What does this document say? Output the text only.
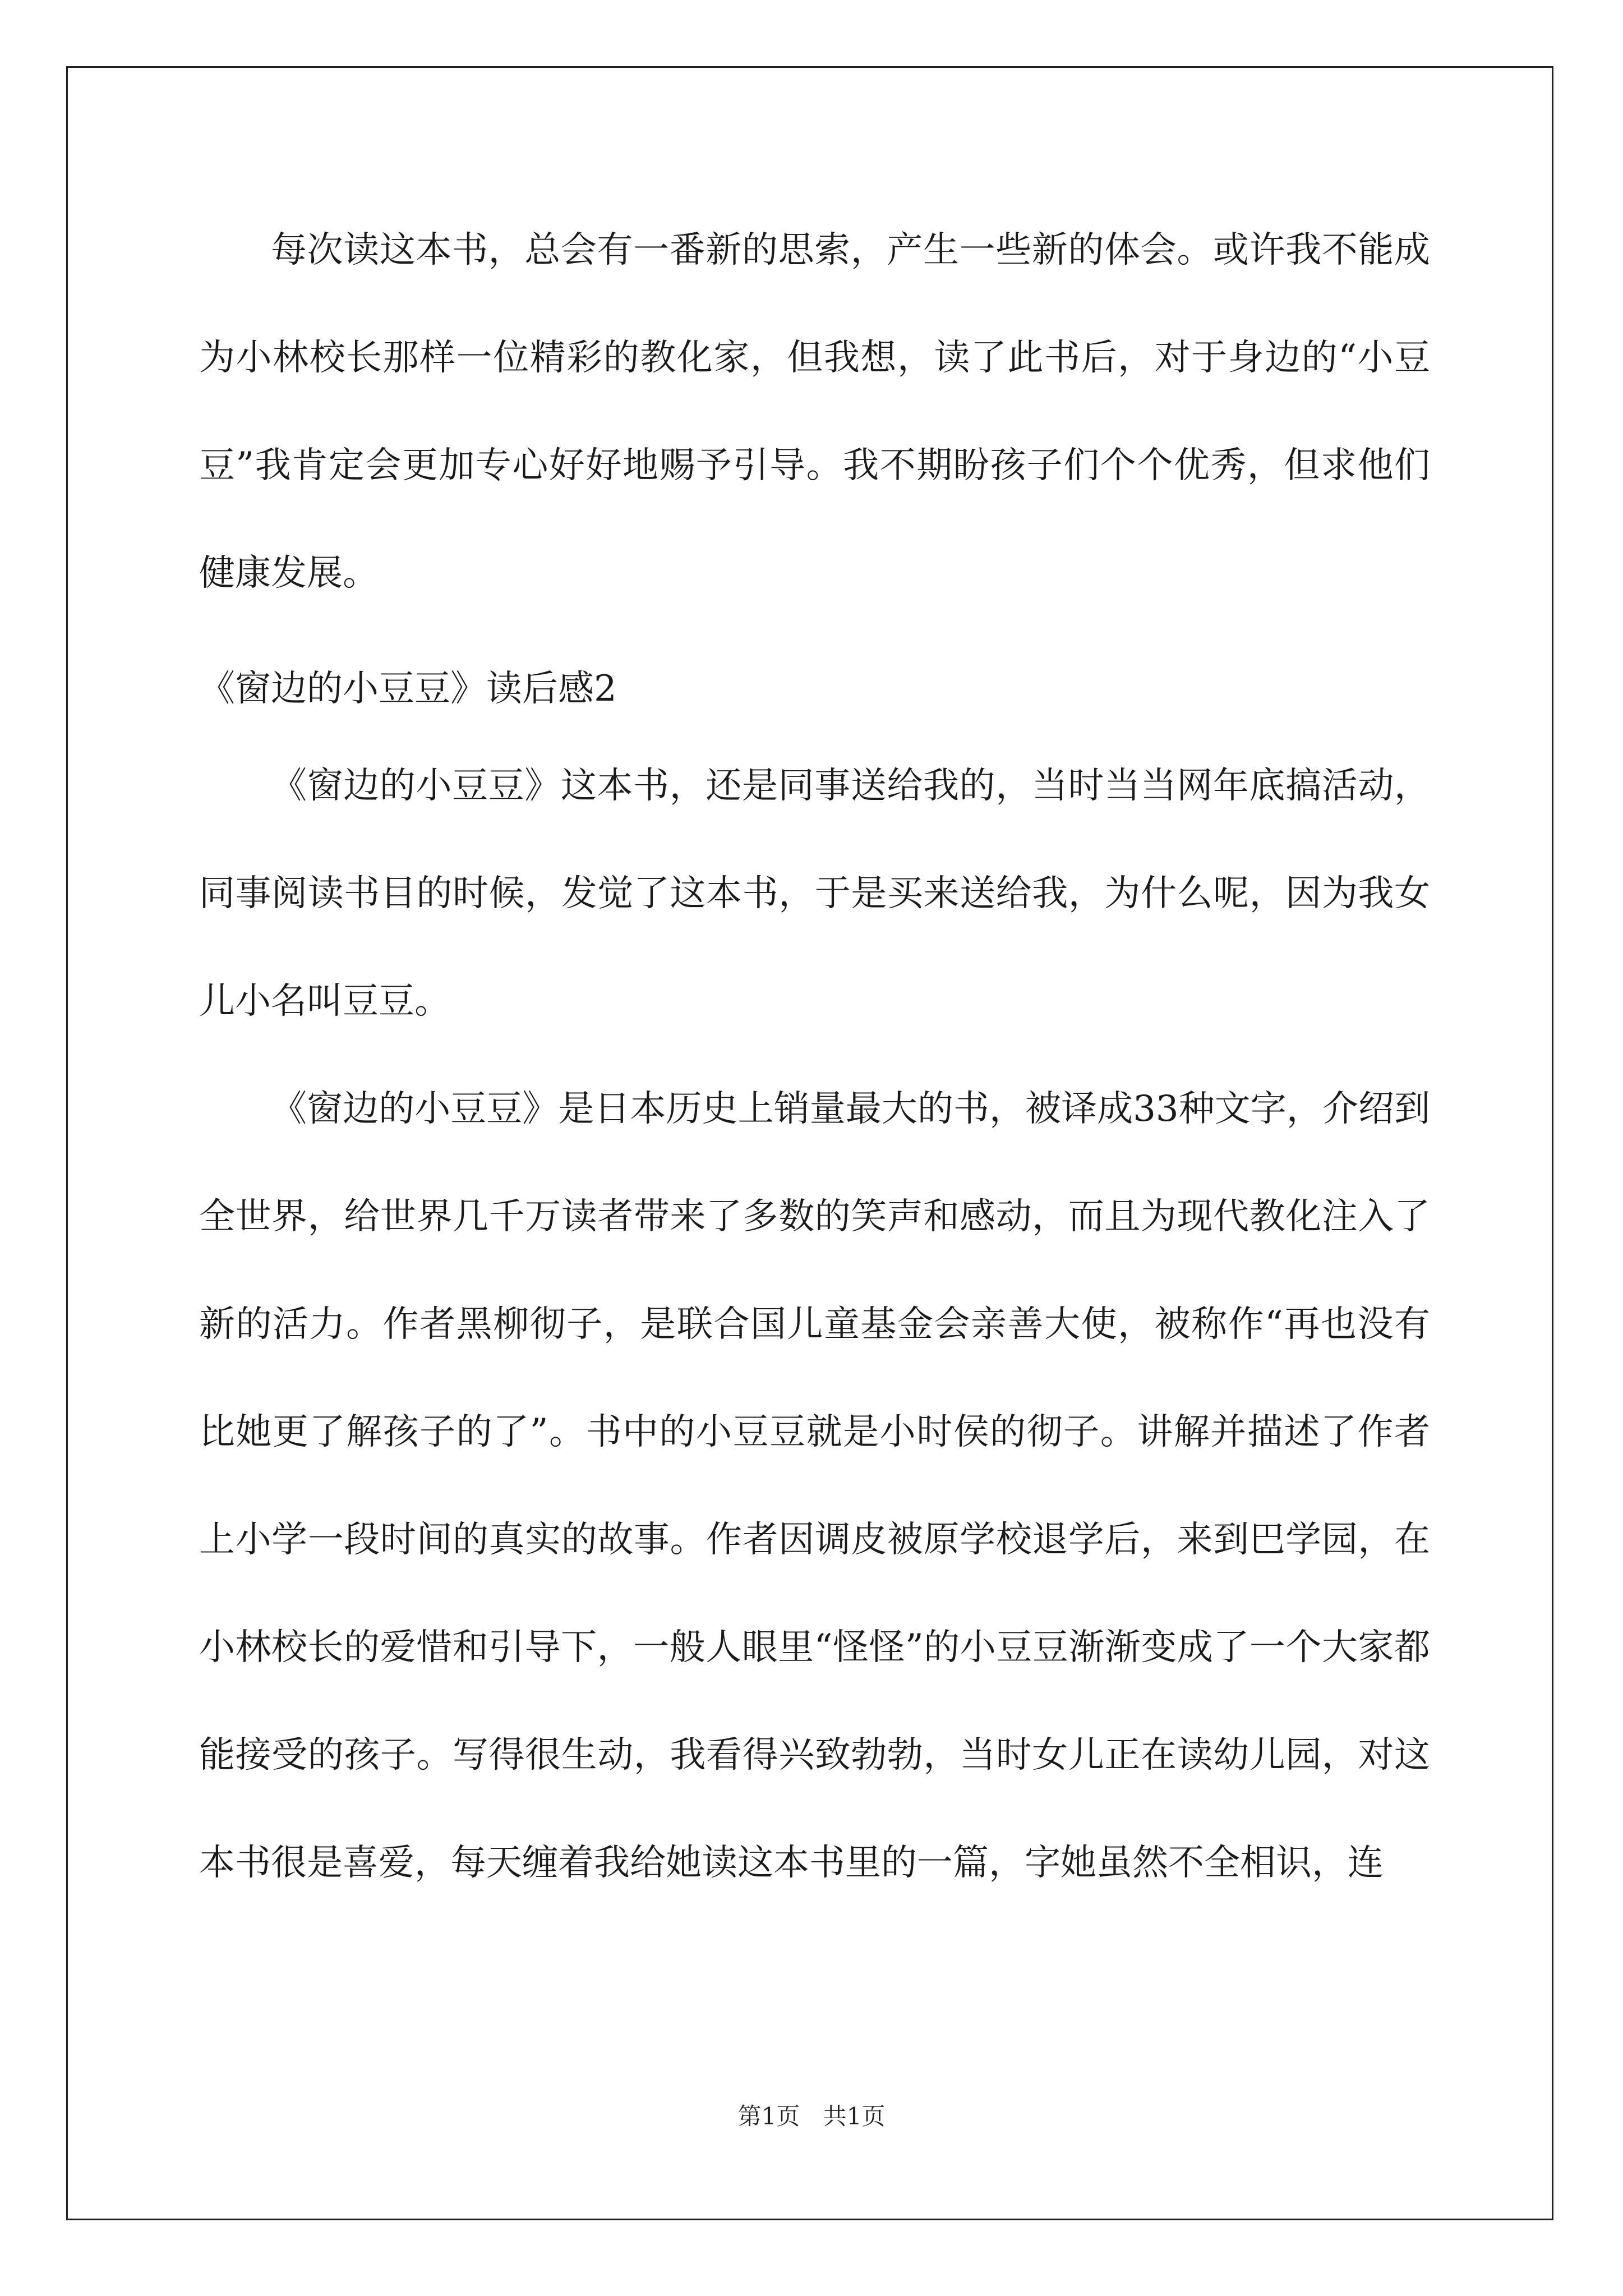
每次读这本书，总会有一番新的思索，产生一些新的体会。或许我不能成为小林校长那样一位精彩的教化家，但我想，读了此书后，对于身边的“小豆豆”我肯定会更加专心好好地赐予引导。我不期盼孩子们个个优秀，但求他们健康发展。

《窗边的小豆豆》读后感2

《窗边的小豆豆》这本书，还是同事送给我的，当时当当网年底搞活动，同事阅读书目的时候，发觉了这本书，于是买来送给我，为什么呢，因为我女儿小名叫豆豆。

《窗边的小豆豆》是日本历史上销量最大的书，被译成33种文字，介绍到全世界，给世界几千万读者带来了多数的笑声和感动，而且为现代教化注入了新的活力。作者黑柳彻子，是联合国儿童基金会亲善大使，被称作“再也没有比她更了解孩子的了”。书中的小豆豆就是小时侯的彻子。讲解并描述了作者上小学一段时间的真实的故事。作者因调皮被原学校退学后，来到巴学园，在小林校长的爱惜和引导下，一般人眼里“怪怪”的小豆豆渐渐变成了一个大家都能接受的孩子。写得很生动，我看得兴致勃勃，当时女儿正在读幼儿园，对这本书很是喜爱，每天缠着我给她读这本书里的一篇，字她虽然不全相识，连

第1页 共1页
